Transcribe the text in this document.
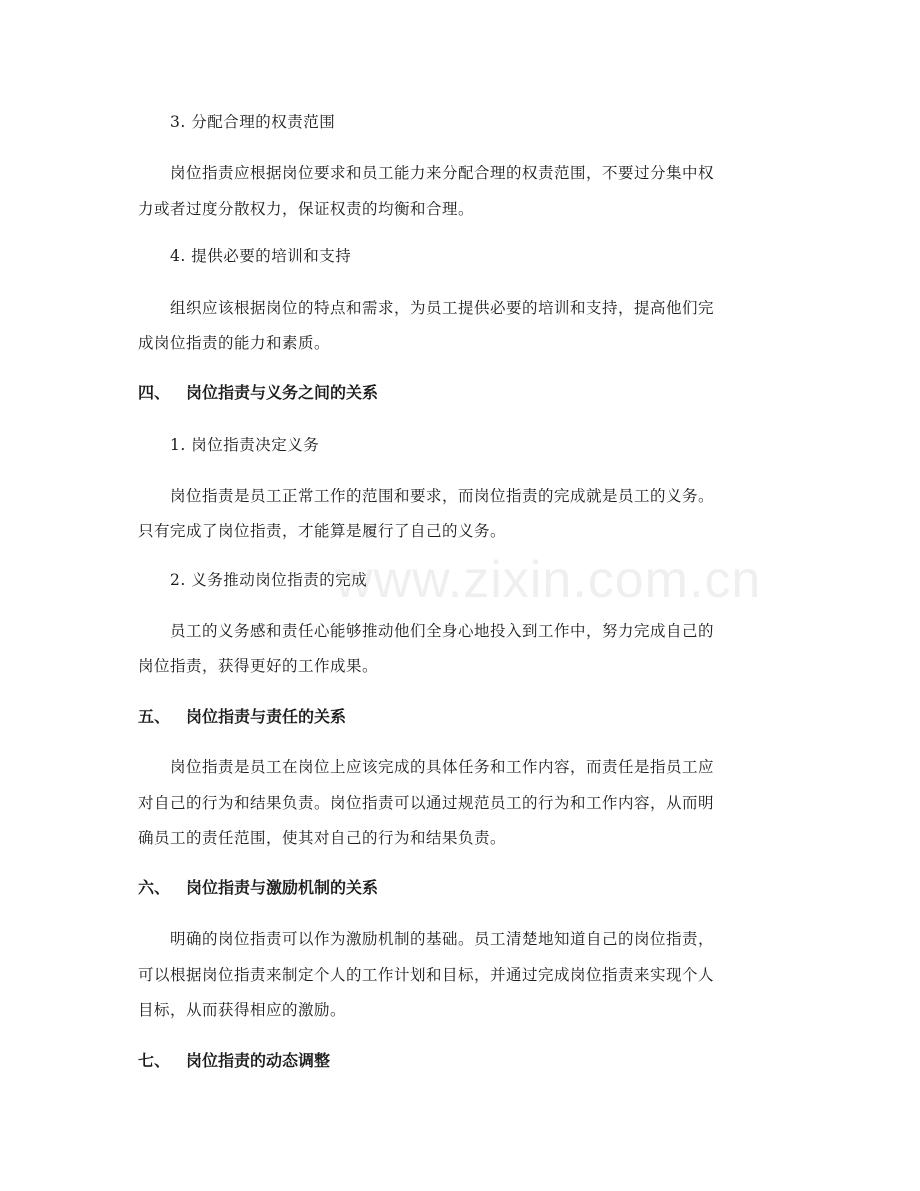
www.zixin.com.cn
3. 分配合理的权责范围
岗位指责应根据岗位要求和员工能力来分配合理的权责范围，不要过分集中权
力或者过度分散权力，保证权责的均衡和合理。
4. 提供必要的培训和支持
组织应该根据岗位的特点和需求，为员工提供必要的培训和支持，提高他们完
成岗位指责的能力和素质。
四、 岗位指责与义务之间的关系
1. 岗位指责决定义务
岗位指责是员工正常工作的范围和要求，而岗位指责的完成就是员工的义务。
只有完成了岗位指责，才能算是履行了自己的义务。
2. 义务推动岗位指责的完成
员工的义务感和责任心能够推动他们全身心地投入到工作中，努力完成自己的
岗位指责，获得更好的工作成果。
五、 岗位指责与责任的关系
岗位指责是员工在岗位上应该完成的具体任务和工作内容，而责任是指员工应
对自己的行为和结果负责。岗位指责可以通过规范员工的行为和工作内容，从而明
确员工的责任范围，使其对自己的行为和结果负责。
六、 岗位指责与激励机制的关系
明确的岗位指责可以作为激励机制的基础。员工清楚地知道自己的岗位指责，
可以根据岗位指责来制定个人的工作计划和目标，并通过完成岗位指责来实现个人
目标，从而获得相应的激励。
七、 岗位指责的动态调整
